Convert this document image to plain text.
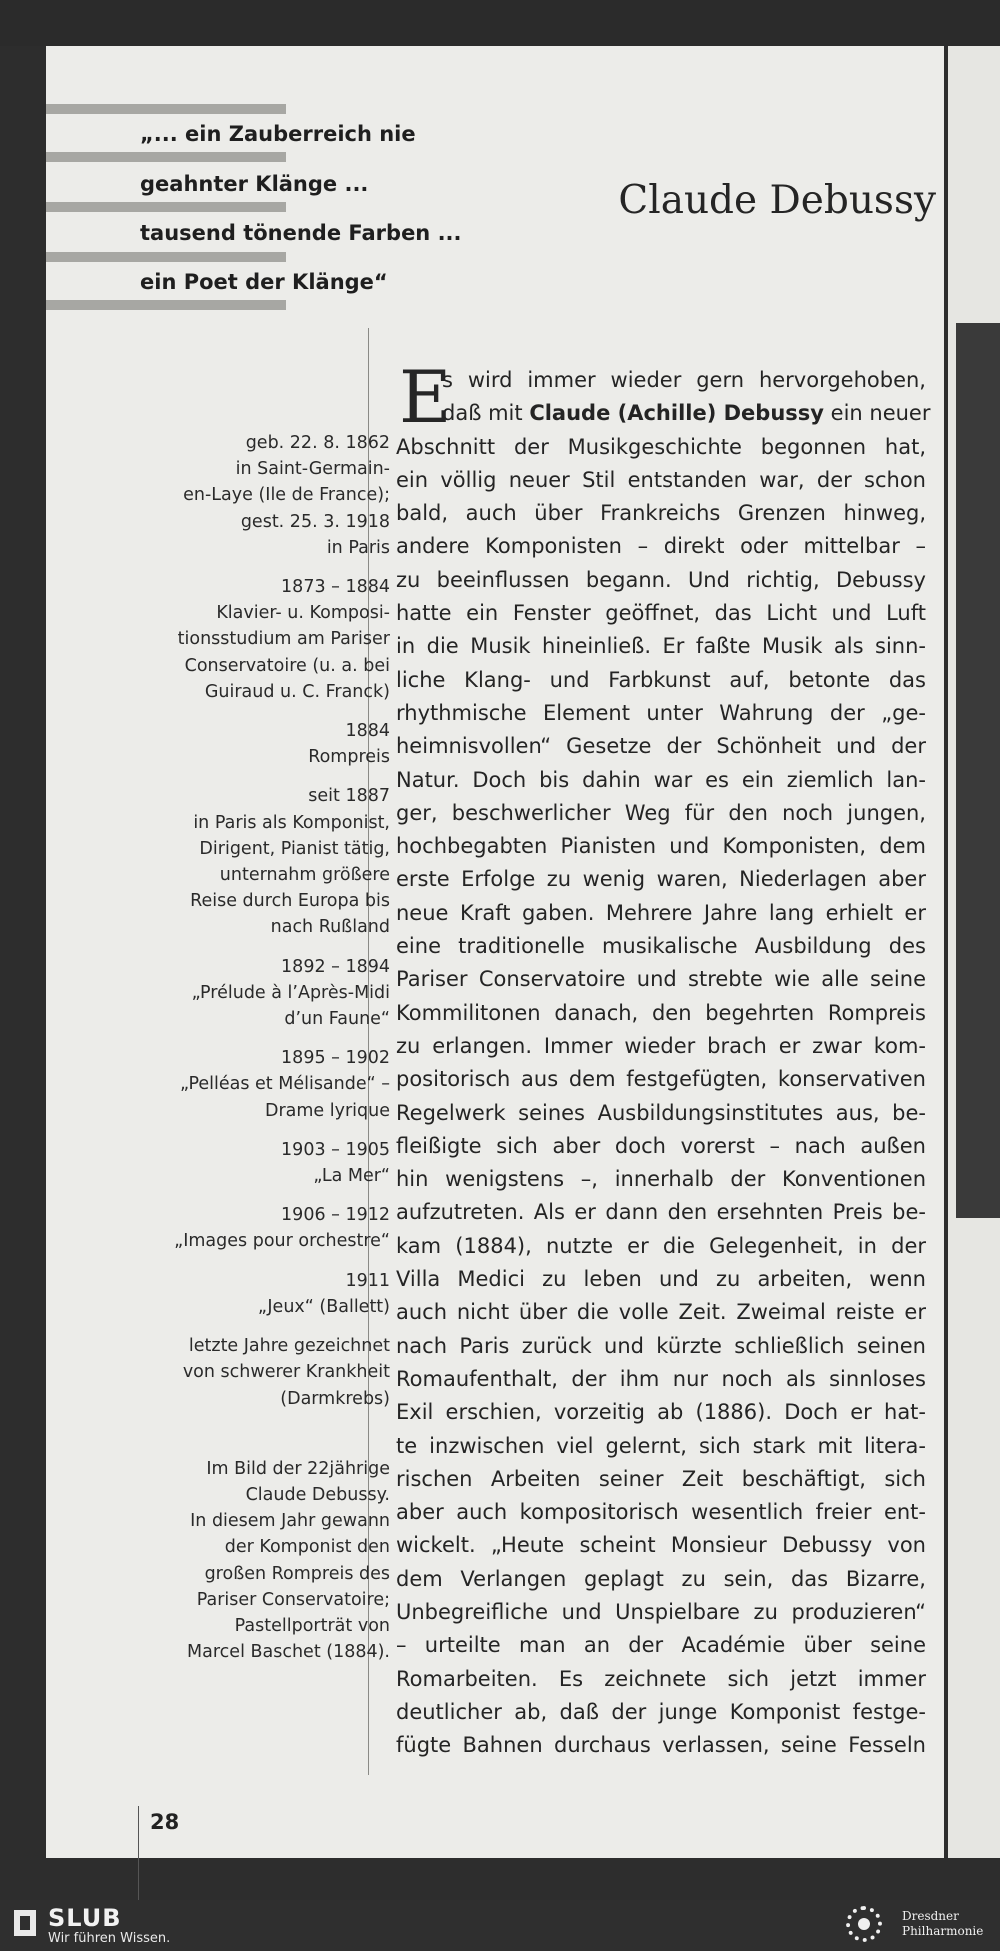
„... ein Zauberreich nie
geahnter Klänge ...
tausend tönende Farben ...
ein Poet der Klänge“
Claude Debussy
geb. 22. 8. 1862
in Saint-Germain-
en-Laye (Ile de France);
gest. 25. 3. 1918
in Paris
1873 – 1884
Klavier- u. Komposi-
tionsstudium am Pariser
Conservatoire (u. a. bei
Guiraud u. C. Franck)
1884
Rompreis
seit 1887
in Paris als Komponist,
Dirigent, Pianist tätig,
unternahm größere
Reise durch Europa bis
nach Rußland
1892 – 1894
„Prélude à l’Après-Midi
d’un Faune“
1895 – 1902
„Pelléas et Mélisande“ –
Drame lyrique
1903 – 1905
„La Mer“
1906 – 1912
„Images pour orchestre“
1911
„Jeux“ (Ballett)
letzte Jahre gezeichnet
von schwerer Krankheit
(Darmkrebs)
Im Bild der 22jährige
Claude Debussy.
In diesem Jahr gewann
der Komponist den
großen Rompreis des
Pariser Conservatoire;
Pastellporträt von
Marcel Baschet (1884).
E
s wird immer wieder gern hervorgehoben,
daß mit Claude (Achille) Debussy ein neuer
Abschnitt der Musikgeschichte begonnen hat,
ein völlig neuer Stil entstanden war, der schon
bald, auch über Frankreichs Grenzen hinweg,
andere Komponisten – direkt oder mittelbar –
zu beeinflussen begann. Und richtig, Debussy
hatte ein Fenster geöffnet, das Licht und Luft
in die Musik hineinließ. Er faßte Musik als sinn-
liche Klang- und Farbkunst auf, betonte das
rhythmische Element unter Wahrung der „ge-
heimnisvollen“ Gesetze der Schönheit und der
Natur. Doch bis dahin war es ein ziemlich lan-
ger, beschwerlicher Weg für den noch jungen,
hochbegabten Pianisten und Komponisten, dem
erste Erfolge zu wenig waren, Niederlagen aber
neue Kraft gaben. Mehrere Jahre lang erhielt er
eine traditionelle musikalische Ausbildung des
Pariser Conservatoire und strebte wie alle seine
Kommilitonen danach, den begehrten Rompreis
zu erlangen. Immer wieder brach er zwar kom-
positorisch aus dem festgefügten, konservativen
Regelwerk seines Ausbildungsinstitutes aus, be-
fleißigte sich aber doch vorerst – nach außen
hin wenigstens –, innerhalb der Konventionen
aufzutreten. Als er dann den ersehnten Preis be-
kam (1884), nutzte er die Gelegenheit, in der
Villa Medici zu leben und zu arbeiten, wenn
auch nicht über die volle Zeit. Zweimal reiste er
nach Paris zurück und kürzte schließlich seinen
Romaufenthalt, der ihm nur noch als sinnloses
Exil erschien, vorzeitig ab (1886). Doch er hat-
te inzwischen viel gelernt, sich stark mit litera-
rischen Arbeiten seiner Zeit beschäftigt, sich
aber auch kompositorisch wesentlich freier ent-
wickelt. „Heute scheint Monsieur Debussy von
dem Verlangen geplagt zu sein, das Bizarre,
Unbegreifliche und Unspielbare zu produzieren“
– urteilte man an der Académie über seine
Romarbeiten. Es zeichnete sich jetzt immer
deutlicher ab, daß der junge Komponist festge-
fügte Bahnen durchaus verlassen, seine Fesseln
28
SLUB
Wir führen Wissen.
Dresdner
Philharmonie
